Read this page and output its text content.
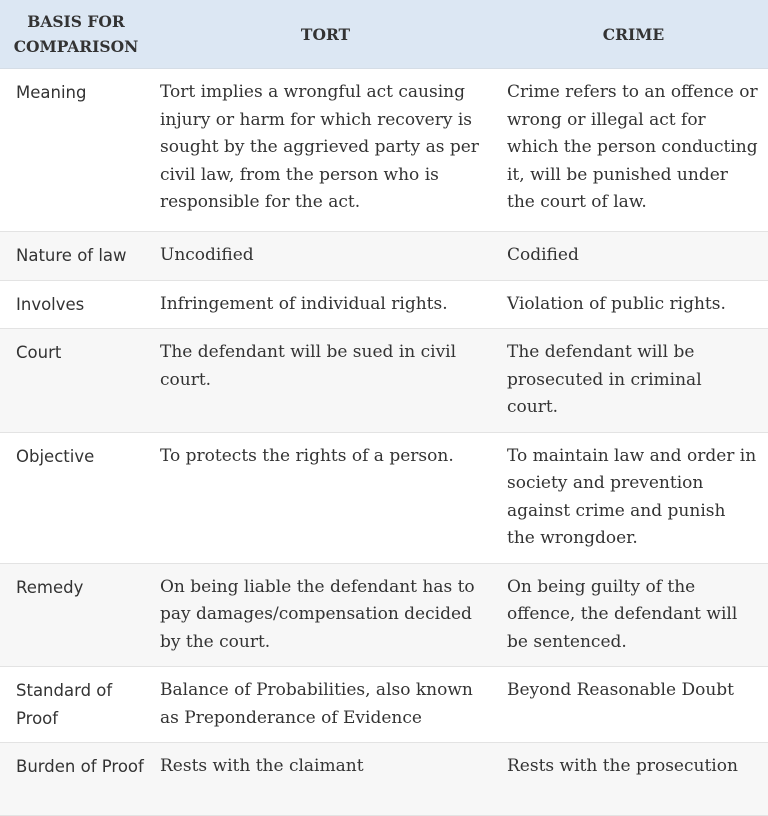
BASIS FOR COMPARISON	TORT	CRIME
Meaning	Tort implies a wrongful act causing injury or harm for which recovery is sought by the aggrieved party as per civil law, from the person who is responsible for the act.	Crime refers to an offence or wrong or illegal act for which the person conducting it, will be punished under the court of law.
Nature of law	Uncodified	Codified
Involves	Infringement of individual rights.	Violation of public rights.
Court	The defendant will be sued in civil court.	The defendant will be prosecuted in criminal court.
Objective	To protects the rights of a person.	To maintain law and order in society and prevention against crime and punish the wrongdoer.
Remedy	On being liable the defendant has to pay damages/compensation decided by the court.	On being guilty of the offence, the defendant will be sentenced.
Standard of Proof	Balance of Probabilities, also known as Preponderance of Evidence	Beyond Reasonable Doubt
Burden of Proof	Rests with the claimant	Rests with the prosecution
